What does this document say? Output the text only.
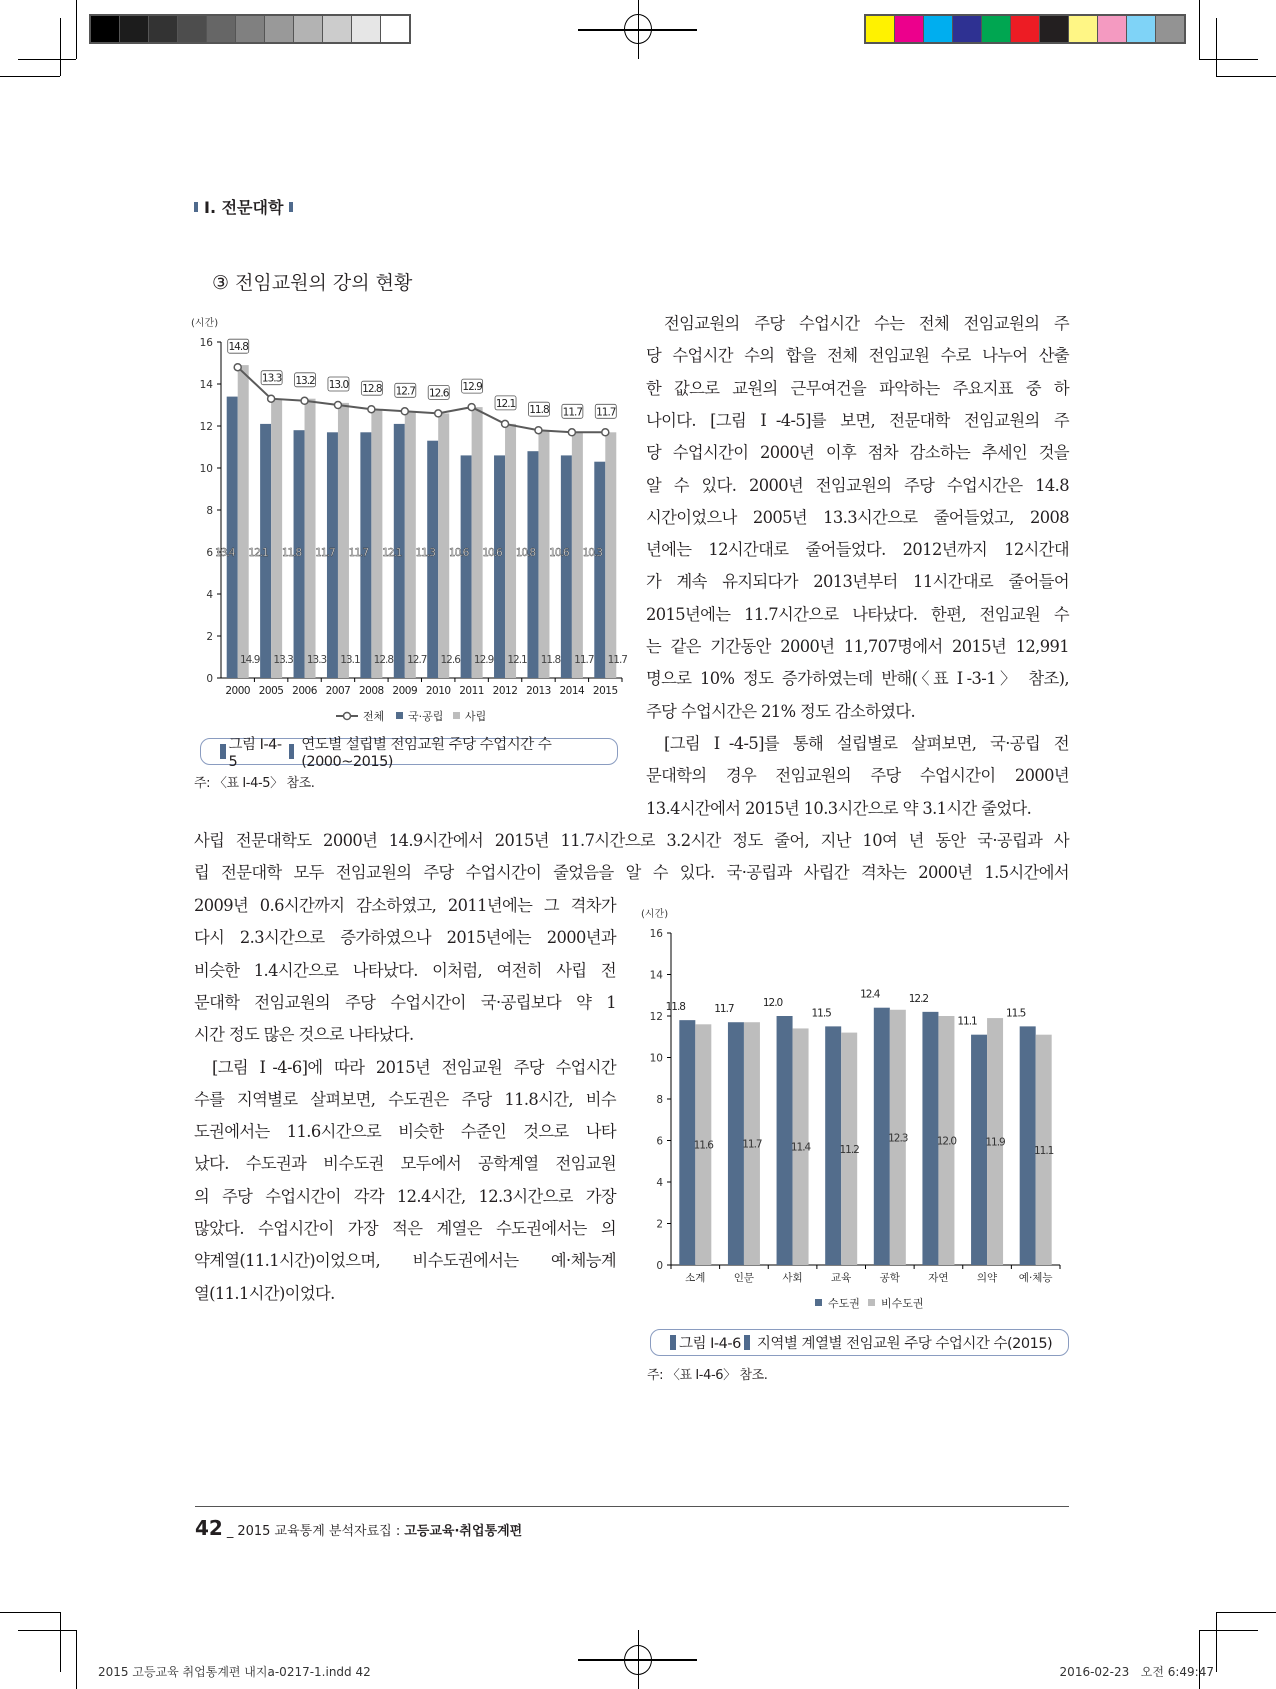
Ⅰ. 전문대학
③ 전임교원의 강의 현황
(시간)
0
2
4
6
8
10
12
14
16
13.4
14.9
2000
12.1
13.3
2005
11.8
13.3
2006
11.7
13.1
2007
11.7
12.8
2008
12.1
12.7
2009
11.3
12.6
2010
10.6
12.9
2011
10.6
12.1
2012
10.8
11.8
2013
10.6
11.7
2014
10.3
11.7
2015
14.8
13.3 13.2 13.0 12.8 12.7 12.6
12.9
12.1
11.8 11.7 11.7
전체 국·공립 사립
그림 Ⅰ-4-5
연도별 설립별 전임교원 주당 수업시간 수(2000~2015)
주: 〈표 Ⅰ-4-5〉 참조.
(시간)
0
2
4
6
8
10
12
14
16
11.8
11.6
소계
11.7
11.7
인문
12.0
11.4
사회
11.5
11.2
교육
12.4
12.3
공학
12.2
12.0
자연
11.1
11.9
의약
11.5
11.1
예·체능
수도권 비수도권
그림 Ⅰ-4-6 지역별 계열별 전임교원 주당 수업시간 수(2015)
주: 〈표 Ⅰ-4-6〉 참조.
전임교원의 주당 수업시간 수는 전체 전임교원의 주
당 수업시간 수의 합을 전체 전임교원 수로 나누어 산출
한 값으로 교원의 근무여건을 파악하는 주요지표 중 하
나이다. [그림 Ⅰ-4-5]를 보면, 전문대학 전임교원의 주
당 수업시간이 2000년 이후 점차 감소하는 추세인 것을
알 수 있다. 2000년 전임교원의 주당 수업시간은 14.8
시간이었으나 2005년 13.3시간으로 줄어들었고, 2008
년에는 12시간대로 줄어들었다. 2012년까지 12시간대
가 계속 유지되다가 2013년부터 11시간대로 줄어들어
2015년에는 11.7시간으로 나타났다. 한편, 전임교원 수
는 같은 기간동안 2000년 11,707명에서 2015년 12,991
명으로 10% 정도 증가하였는데 반해(〈표 Ⅰ-3-1〉 참조),
주당 수업시간은 21% 정도 감소하였다.
[그림 Ⅰ-4-5]를 통해 설립별로 살펴보면, 국·공립 전
문대학의 경우 전임교원의 주당 수업시간이 2000년
13.4시간에서 2015년 10.3시간으로 약 3.1시간 줄었다.
사립 전문대학도 2000년 14.9시간에서 2015년 11.7시간으로 3.2시간 정도 줄어, 지난 10여 년 동안 국·공립과 사
립 전문대학 모두 전임교원의 주당 수업시간이 줄었음을 알 수 있다. 국·공립과 사립간 격차는 2000년 1.5시간에서
2009년 0.6시간까지 감소하였고, 2011년에는 그 격차가
다시 2.3시간으로 증가하였으나 2015년에는 2000년과
비슷한 1.4시간으로 나타났다. 이처럼, 여전히 사립 전
문대학 전임교원의 주당 수업시간이 국·공립보다 약 1
시간 정도 많은 것으로 나타났다.
[그림 Ⅰ-4-6]에 따라 2015년 전임교원 주당 수업시간
수를 지역별로 살펴보면, 수도권은 주당 11.8시간, 비수
도권에서는 11.6시간으로 비슷한 수준인 것으로 나타
났다. 수도권과 비수도권 모두에서 공학계열 전임교원
의 주당 수업시간이 각각 12.4시간, 12.3시간으로 가장
많았다. 수업시간이 가장 적은 계열은 수도권에서는 의
약계열(11.1시간)이었으며, 비수도권에서는 예·체능계
열(11.1시간)이었다.
42 _ 2015 교육통계 분석자료집 : 고등교육·취업통계편
2015 고등교육 취업통계편 내지a-0217-1.indd 42	2016-02-23   오전 6:49:47
